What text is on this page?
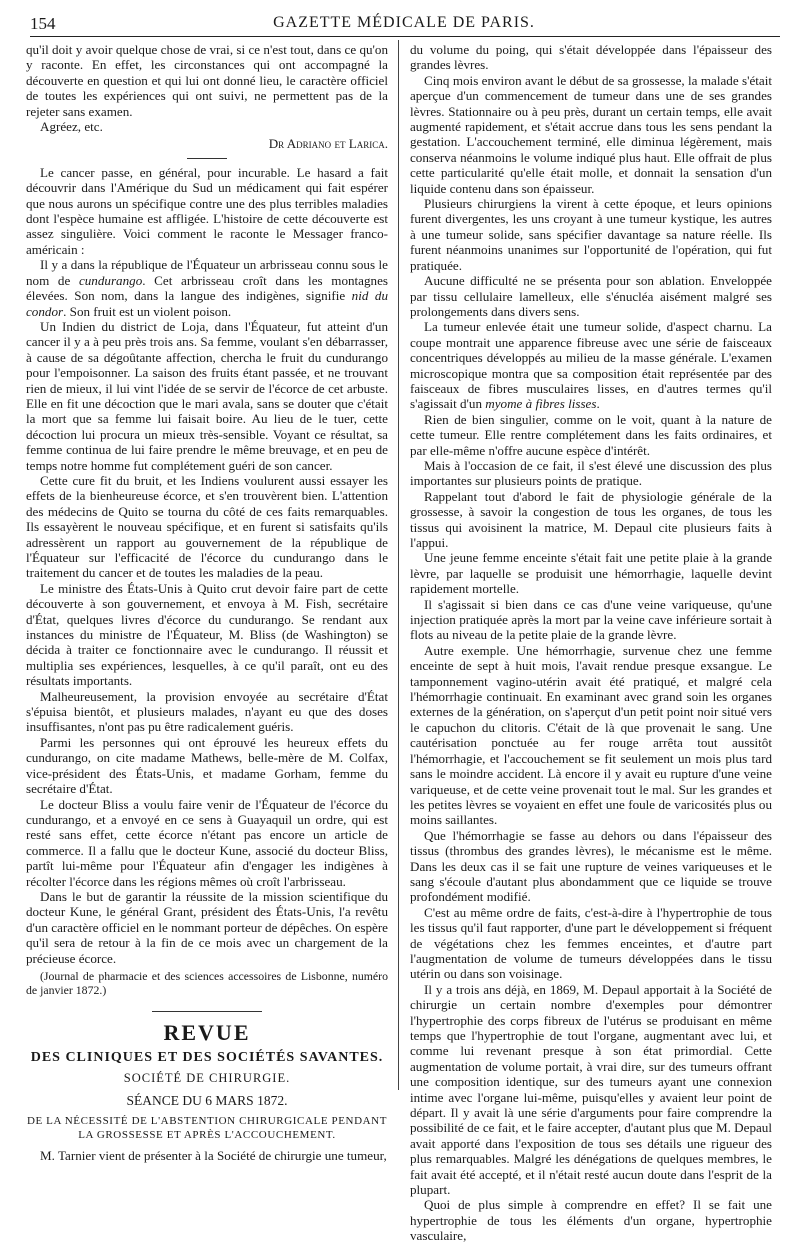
154	GAZETTE MÉDICALE DE PARIS.

qu'il doit y avoir quelque chose de vrai, si ce n'est tout, dans ce qu'on y raconte. En effet, les circonstances qui ont accompagné la découverte en question et qui lui ont donné lieu, le caractère officiel de toutes les expériences qui ont suivi, ne permettent pas de la rejeter sans examen.

Agréez, etc.

Dr Adriano et Larica.

Le cancer passe, en général, pour incurable. Le hasard a fait découvrir dans l'Amérique du Sud un médicament qui fait espérer que nous aurons un spécifique contre une des plus terribles maladies dont l'espèce humaine est affligée. L'histoire de cette découverte est assez singulière. Voici comment le raconte le Messager franco-américain :

Il y a dans la république de l'Équateur un arbrisseau connu sous le nom de cundurango. Cet arbrisseau croît dans les montagnes élevées. Son nom, dans la langue des indigènes, signifie nid du condor. Son fruit est un violent poison.

Un Indien du district de Loja, dans l'Équateur, fut atteint d'un cancer il y a à peu près trois ans. Sa femme, voulant s'en débarrasser, à cause de sa dégoûtante affection, chercha le fruit du cundurango pour l'empoisonner. La saison des fruits étant passée, et ne trouvant rien de mieux, il lui vint l'idée de se servir de l'écorce de cet arbuste. Elle en fit une décoction que le mari avala, sans se douter que c'était la mort que sa femme lui faisait boire. Au lieu de le tuer, cette décoction lui procura un mieux très-sensible. Voyant ce résultat, sa femme continua de lui faire prendre le même breuvage, et en peu de temps notre homme fut complétement guéri de son cancer.

Cette cure fit du bruit, et les Indiens voulurent aussi essayer les effets de la bienheureuse écorce, et s'en trouvèrent bien. L'attention des médecins de Quito se tourna du côté de ces faits remarquables. Ils essayèrent le nouveau spécifique, et en furent si satisfaits qu'ils adressèrent un rapport au gouvernement de la république de l'Équateur sur l'efficacité de l'écorce du cundurango dans le traitement du cancer et de toutes les maladies de la peau.

Le ministre des États-Unis à Quito crut devoir faire part de cette découverte à son gouvernement, et envoya à M. Fish, secrétaire d'État, quelques livres d'écorce du cundurango. Se rendant aux instances du ministre de l'Équateur, M. Bliss (de Washington) se décida à traiter ce fonctionnaire avec le cundurango. Il réussit et multiplia ses expériences, lesquelles, à ce qu'il paraît, ont eu des résultats importants.

Malheureusement, la provision envoyée au secrétaire d'État s'épuisa bientôt, et plusieurs malades, n'ayant eu que des doses insuffisantes, n'ont pas pu être radicalement guéris.

Parmi les personnes qui ont éprouvé les heureux effets du cundurango, on cite madame Mathews, belle-mère de M. Colfax, vice-président des États-Unis, et madame Gorham, femme du secrétaire d'État.

Le docteur Bliss a voulu faire venir de l'Équateur de l'écorce du cundurango, et a envoyé en ce sens à Guayaquil un ordre, qui est resté sans effet, cette écorce n'étant pas encore un article de commerce. Il a fallu que le docteur Kune, associé du docteur Bliss, partît lui-même pour l'Équateur afin d'engager les indigènes à récolter l'écorce dans les régions mêmes où croît l'arbrisseau.

Dans le but de garantir la réussite de la mission scientifique du docteur Kune, le général Grant, président des États-Unis, l'a revêtu d'un caractère officiel en le nommant porteur de dépêches. On espère qu'il sera de retour à la fin de ce mois avec un chargement de la précieuse écorce.

(Journal de pharmacie et des sciences accessoires de Lisbonne, numéro de janvier 1872.)

REVUE
DES CLINIQUES ET DES SOCIÉTÉS SAVANTES.
SOCIÉTÉ DE CHIRURGIE.
SÉANCE DU 6 MARS 1872.
DE LA NÉCESSITÉ DE L'ABSTENTION CHIRURGICALE PENDANT LA GROSSESSE ET APRÈS L'ACCOUCHEMENT.

M. Tarnier vient de présenter à la Société de chirurgie une tumeur,

du volume du poing, qui s'était développée dans l'épaisseur des grandes lèvres.

Cinq mois environ avant le début de sa grossesse, la malade s'était aperçue d'un commencement de tumeur dans une de ses grandes lèvres. Stationnaire ou à peu près, durant un certain temps, elle avait augmenté rapidement, et s'était accrue dans tous les sens pendant la gestation. L'accouchement terminé, elle diminua légèrement, mais conserva néanmoins le volume indiqué plus haut. Elle offrait de plus cette particularité qu'elle était molle, et donnait la sensation d'un liquide contenu dans son épaisseur.

Plusieurs chirurgiens la virent à cette époque, et leurs opinions furent divergentes, les uns croyant à une tumeur kystique, les autres à une tumeur solide, sans spécifier davantage sa nature réelle. Ils furent néanmoins unanimes sur l'opportunité de l'opération, qui fut pratiquée.

Aucune difficulté ne se présenta pour son ablation. Enveloppée par tissu cellulaire lamelleux, elle s'énucléa aisément malgré ses prolongements dans divers sens.

La tumeur enlevée était une tumeur solide, d'aspect charnu. La coupe montrait une apparence fibreuse avec une série de faisceaux concentriques développés au milieu de la masse générale. L'examen microscopique montra que sa composition était représentée par des faisceaux de fibres musculaires lisses, en d'autres termes qu'il s'agissait d'un myome à fibres lisses.

Rien de bien singulier, comme on le voit, quant à la nature de cette tumeur. Elle rentre complétement dans les faits ordinaires, et par elle-même n'offre aucune espèce d'intérêt.

Mais à l'occasion de ce fait, il s'est élevé une discussion des plus importantes sur plusieurs points de pratique.

Rappelant tout d'abord le fait de physiologie générale de la grossesse, à savoir la congestion de tous les organes, de tous les tissus qui avoisinent la matrice, M. Depaul cite plusieurs faits à l'appui.

Une jeune femme enceinte s'était fait une petite plaie à la grande lèvre, par laquelle se produisit une hémorrhagie, laquelle devint rapidement mortelle.

Il s'agissait si bien dans ce cas d'une veine variqueuse, qu'une injection pratiquée après la mort par la veine cave inférieure sortait à flots au niveau de la petite plaie de la grande lèvre.

Autre exemple. Une hémorrhagie, survenue chez une femme enceinte de sept à huit mois, l'avait rendue presque exsangue. Le tamponnement vagino-utérin avait été pratiqué, et malgré cela l'hémorrhagie continuait. En examinant avec grand soin les organes externes de la génération, on s'aperçut d'un petit point noir situé vers le capuchon du clitoris. C'était de là que provenait le sang. Une cautérisation ponctuée au fer rouge arrêta tout aussitôt l'hémorrhagie, et l'accouchement se fit seulement un mois plus tard sans le moindre accident. Là encore il y avait eu rupture d'une veine variqueuse, et de cette veine provenait tout le mal. Sur les grandes et les petites lèvres se voyaient en effet une foule de varicosités plus ou moins saillantes.

Que l'hémorrhagie se fasse au dehors ou dans l'épaisseur des tissus (thrombus des grandes lèvres), le mécanisme est le même. Dans les deux cas il se fait une rupture de veines variqueuses et le sang s'écoule d'autant plus abondamment que ce liquide se trouve profondément modifié.

C'est au même ordre de faits, c'est-à-dire à l'hypertrophie de tous les tissus qu'il faut rapporter, d'une part le développement si fréquent de végétations chez les femmes enceintes, et d'autre part l'augmentation de volume de tumeurs développées dans le tissu utérin ou dans son voisinage.

Il y a trois ans déjà, en 1869, M. Depaul apportait à la Société de chirurgie un certain nombre d'exemples pour démontrer l'hypertrophie des corps fibreux de l'utérus se produisant en même temps que l'hypertrophie de tout l'organe, augmentant avec lui, et comme lui revenant presque à son état primordial. Cette augmentation de volume portait, à vrai dire, sur des tumeurs offrant une composition identique, sur des tumeurs ayant une connexion intime avec l'organe lui-même, puisqu'elles y avaient leur point de départ. Il y avait là une série d'arguments pour faire comprendre la possibilité de ce fait, et le faire accepter, d'autant plus que M. Depaul avait apporté dans l'exposition de tous ses détails une rigueur des plus remarquables. Malgré les dénégations de quelques membres, le fait avait été accepté, et il n'était resté aucun doute dans l'esprit de la plupart.

Quoi de plus simple à comprendre en effet? Il se fait une hypertrophie de tous les éléments d'un organe, hypertrophie vasculaire,
